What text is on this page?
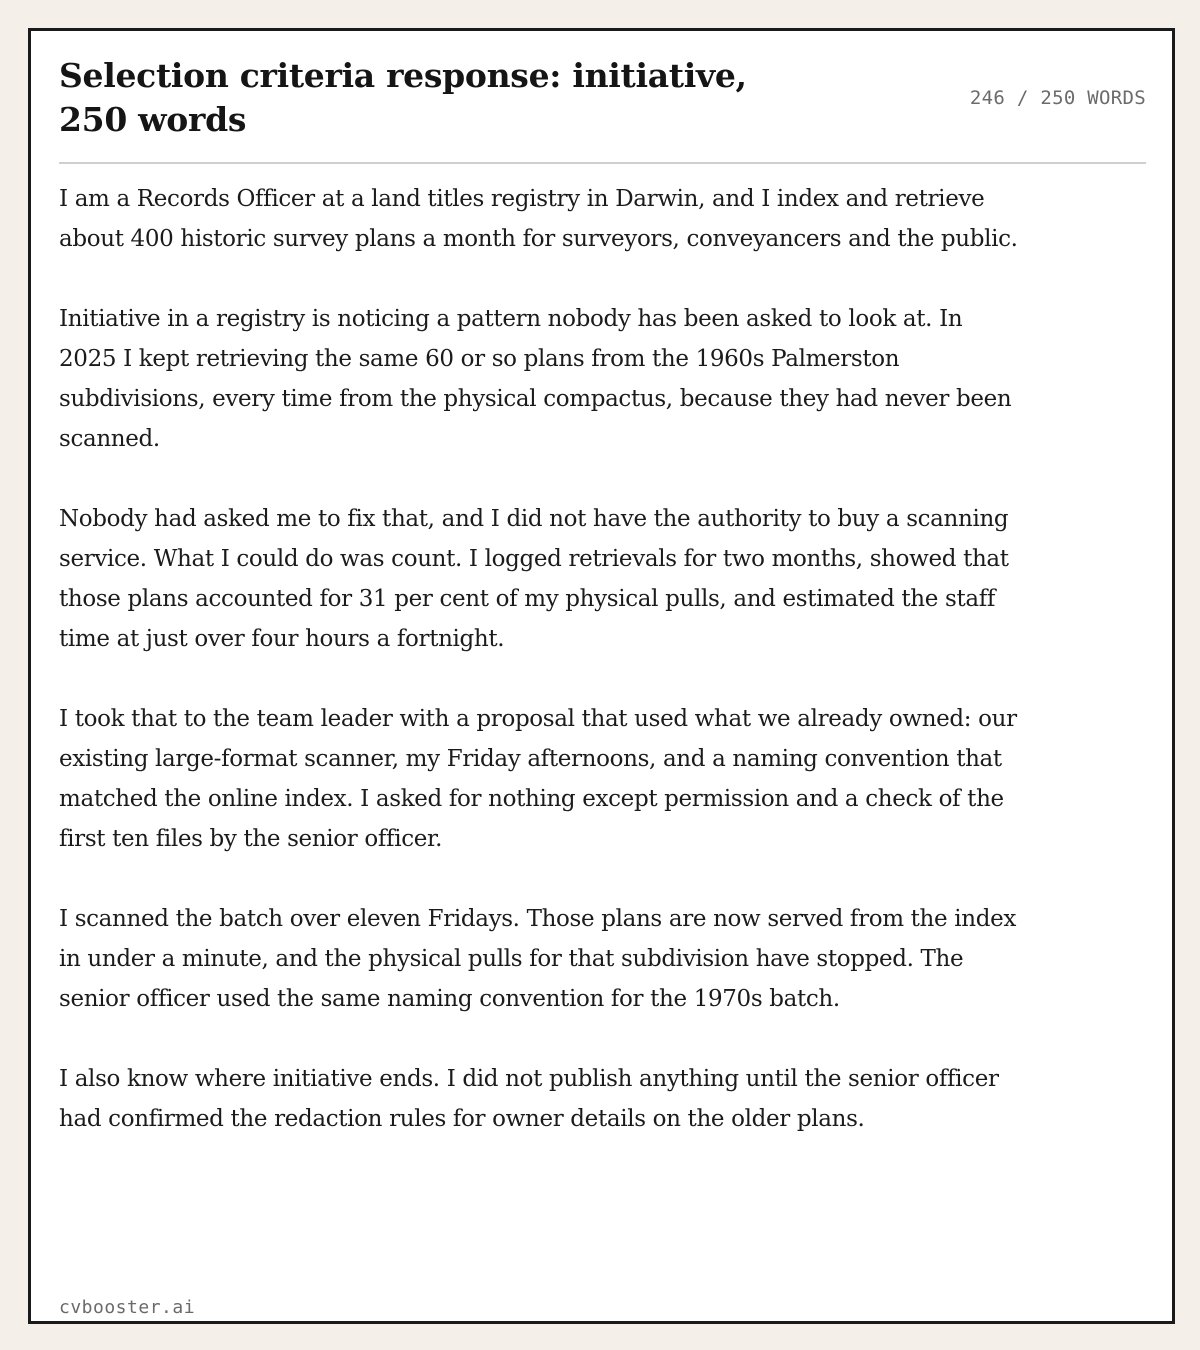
Selection criteria response: initiative, 250 words
246 / 250 WORDS

I am a Records Officer at a land titles registry in Darwin, and I index and retrieve about 400 historic survey plans a month for surveyors, conveyancers and the public.

Initiative in a registry is noticing a pattern nobody has been asked to look at. In 2025 I kept retrieving the same 60 or so plans from the 1960s Palmerston subdivisions, every time from the physical compactus, because they had never been scanned.

Nobody had asked me to fix that, and I did not have the authority to buy a scanning service. What I could do was count. I logged retrievals for two months, showed that those plans accounted for 31 per cent of my physical pulls, and estimated the staff time at just over four hours a fortnight.

I took that to the team leader with a proposal that used what we already owned: our existing large-format scanner, my Friday afternoons, and a naming convention that matched the online index. I asked for nothing except permission and a check of the first ten files by the senior officer.

I scanned the batch over eleven Fridays. Those plans are now served from the index in under a minute, and the physical pulls for that subdivision have stopped. The senior officer used the same naming convention for the 1970s batch.

I also know where initiative ends. I did not publish anything until the senior officer had confirmed the redaction rules for owner details on the older plans.

cvbooster.ai
